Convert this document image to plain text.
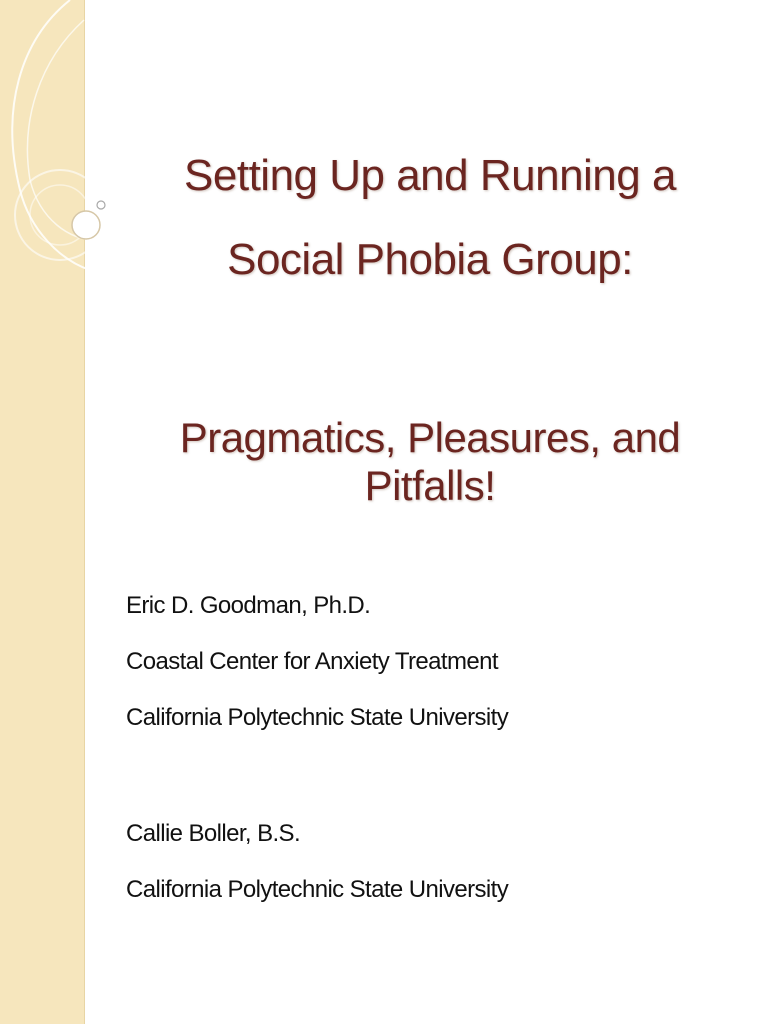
Setting Up and Running a

Social Phobia Group:

Pragmatics, Pleasures, and Pitfalls!

Eric D. Goodman, Ph.D.
Coastal Center for Anxiety Treatment
California Polytechnic State University
Callie Boller, B.S.
California Polytechnic State University
